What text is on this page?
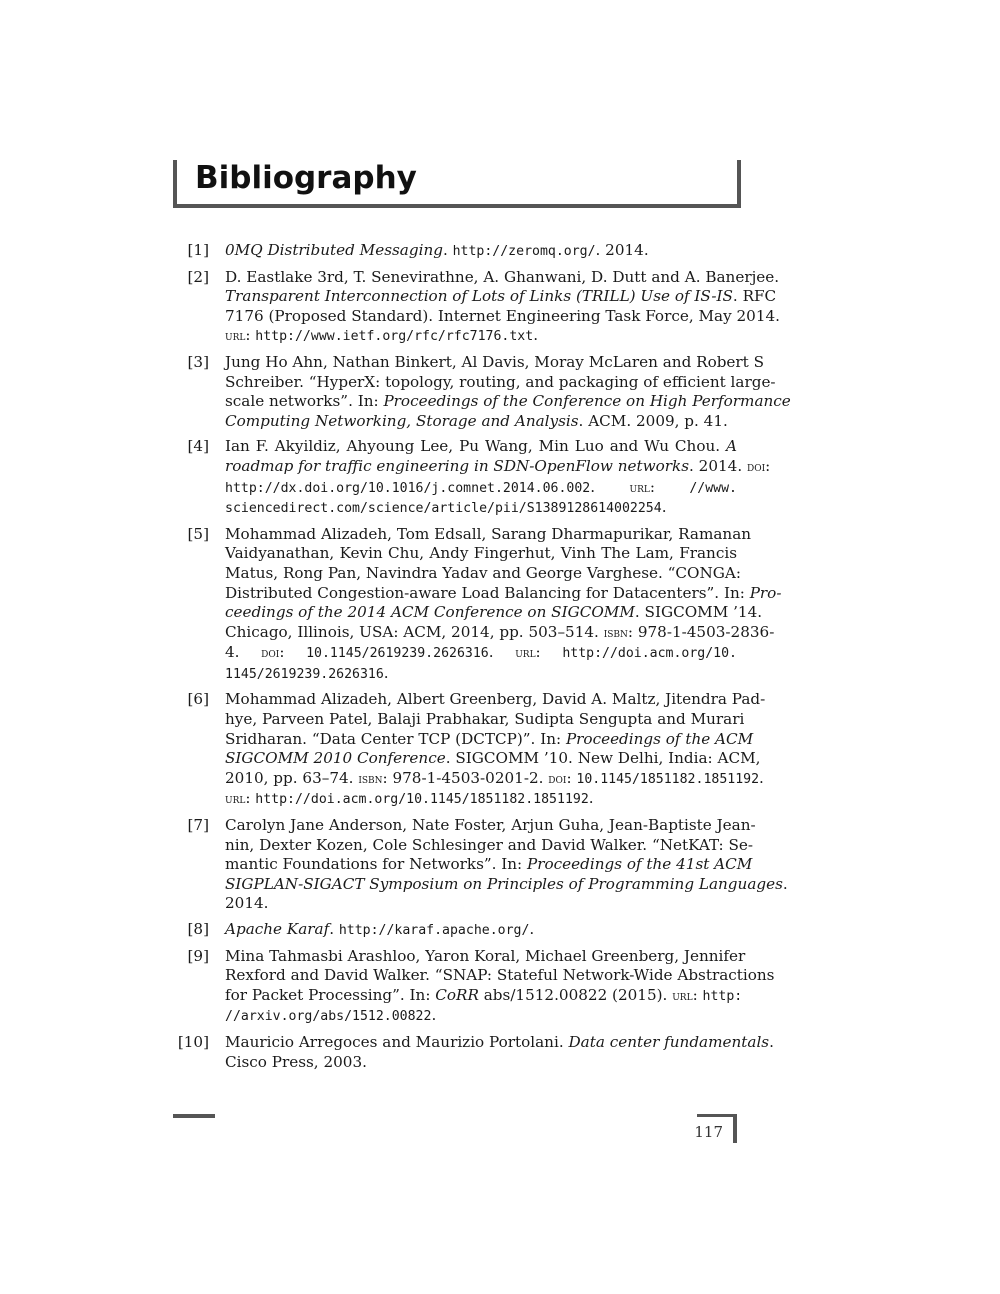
Bibliography
[1] 0MQ Distributed Messaging. http://zeromq.org/. 2014.
[2] D. Eastlake 3rd, T. Senevirathne, A. Ghanwani, D. Dutt and A. Banerjee.
Transparent Interconnection of Lots of Links (TRILL) Use of IS-IS. RFC
7176 (Proposed Standard). Internet Engineering Task Force, May 2014.
url: http://www.ietf.org/rfc/rfc7176.txt.
[3] Jung Ho Ahn, Nathan Binkert, Al Davis, Moray McLaren and Robert S
Schreiber. “HyperX: topology, routing, and packaging of efficient large-
scale networks”. In: Proceedings of the Conference on High Performance
Computing Networking, Storage and Analysis. ACM. 2009, p. 41.
[4] Ian F. Akyildiz, Ahyoung Lee, Pu Wang, Min Luo and Wu Chou. A
roadmap for traffic engineering in SDN-OpenFlow networks. 2014. doi:
http://dx.doi.org/10.1016/j.comnet.2014.06.002. url: //www.
sciencedirect.com/science/article/pii/S1389128614002254.
[5] Mohammad Alizadeh, Tom Edsall, Sarang Dharmapurikar, Ramanan
Vaidyanathan, Kevin Chu, Andy Fingerhut, Vinh The Lam, Francis
Matus, Rong Pan, Navindra Yadav and George Varghese. “CONGA:
Distributed Congestion-aware Load Balancing for Datacenters”. In: Pro-
ceedings of the 2014 ACM Conference on SIGCOMM. SIGCOMM ’14.
Chicago, Illinois, USA: ACM, 2014, pp. 503–514. isbn: 978-1-4503-2836-
4. doi: 10.1145/2619239.2626316. url: http://doi.acm.org/10.
1145/2619239.2626316.
[6] Mohammad Alizadeh, Albert Greenberg, David A. Maltz, Jitendra Pad-
hye, Parveen Patel, Balaji Prabhakar, Sudipta Sengupta and Murari
Sridharan. “Data Center TCP (DCTCP)”. In: Proceedings of the ACM
SIGCOMM 2010 Conference. SIGCOMM ’10. New Delhi, India: ACM,
2010, pp. 63–74. isbn: 978-1-4503-0201-2. doi: 10.1145/1851182.1851192.
url: http://doi.acm.org/10.1145/1851182.1851192.
[7] Carolyn Jane Anderson, Nate Foster, Arjun Guha, Jean-Baptiste Jean-
nin, Dexter Kozen, Cole Schlesinger and David Walker. “NetKAT: Se-
mantic Foundations for Networks”. In: Proceedings of the 41st ACM
SIGPLAN-SIGACT Symposium on Principles of Programming Languages.
2014.
[8] Apache Karaf. http://karaf.apache.org/.
[9] Mina Tahmasbi Arashloo, Yaron Koral, Michael Greenberg, Jennifer
Rexford and David Walker. “SNAP: Stateful Network-Wide Abstractions
for Packet Processing”. In: CoRR abs/1512.00822 (2015). url: http:
//arxiv.org/abs/1512.00822.
[10] Mauricio Arregoces and Maurizio Portolani. Data center fundamentals.
Cisco Press, 2003.
117
